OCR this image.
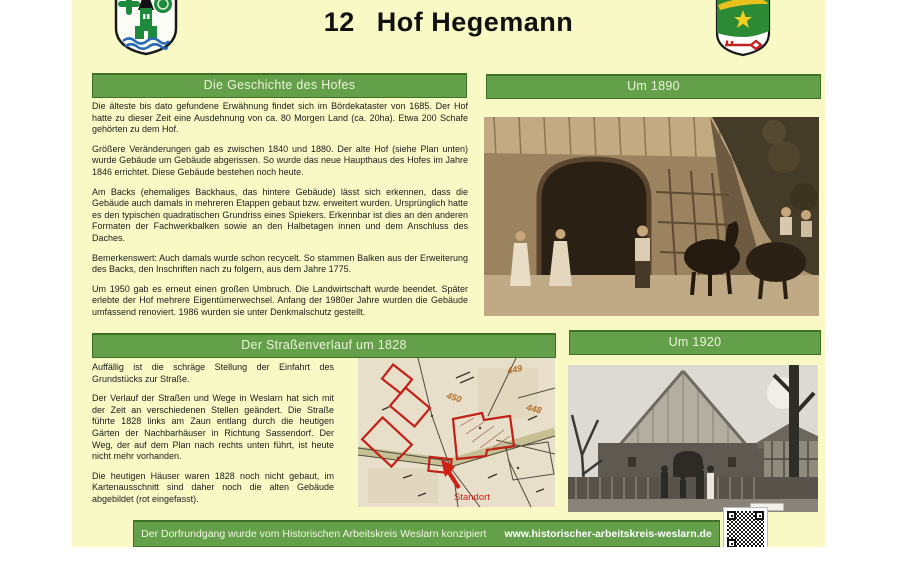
12 Hof Hegemann
Die Geschichte des Hofes

Die älteste bis dato gefundene Erwähnung findet sich im Bördekataster von 1685. Der Hof hatte zu dieser Zeit eine Ausdehnung von ca. 80 Morgen Land (ca. 20ha). Etwa 200 Schafe gehörten zu dem Hof.

Größere Veränderungen gab es zwischen 1840 und 1880. Der alte Hof (siehe Plan unten) wurde Gebäude um Gebäude abgerissen. So wurde das neue Haupthaus des Hofes im Jahre 1846 errichtet. Diese Gebäude bestehen noch heute.

Am Backs (ehemaliges Backhaus, das hintere Gebäude) lässt sich erkennen, dass die Gebäude auch damals in mehreren Etappen gebaut bzw. erweitert wurden. Ursprünglich hatte es den typischen quadratischen Grundriss eines Spiekers. Erkennbar ist dies an den anderen Formaten der Fachwerkbalken sowie an den Halbetagen innen und dem Anschluss des Daches.

Bemerkenswert: Auch damals wurde schon recycelt. So stammen Balken aus der Erweiterung des Backs, den Inschriften nach zu folgern, aus dem Jahre 1775.

Um 1950 gab es erneut einen großen Umbruch. Die Landwirtschaft wurde beendet. Später erlebte der Hof mehrere Eigentümerwechsel. Anfang der 1980er Jahre wurden die Gebäude umfassend renoviert. 1986 wurden sie unter Denkmalschutz gestellt.

Um 1890
Der Straßenverlauf um 1828

Auffällig ist die schräge Stellung der Einfahrt des Grundstücks zur Straße.

Der Verlauf der Straßen und Wege in Weslarn hat sich mit der Zeit an verschiedenen Stellen geändert. Die Straße führte 1828 links am Zaun entlang durch die heutigen Gärten der Nachbarhäuser in Richtung Sassendorf. Der Weg, der auf dem Plan nach rechts unten führt, ist heute nicht mehr vorhanden.

Die heutigen Häuser waren 1828 noch nicht gebaut, im Kartenausschnitt sind daher noch die alten Gebäude abgebildet (rot eingefasst).	Standort
449
450
448
Um 1920
Der Dorfrundgang wurde vom Historischen Arbeitskreis Weslarn konzipiert www.historischer-arbeitskreis-weslarn.de
